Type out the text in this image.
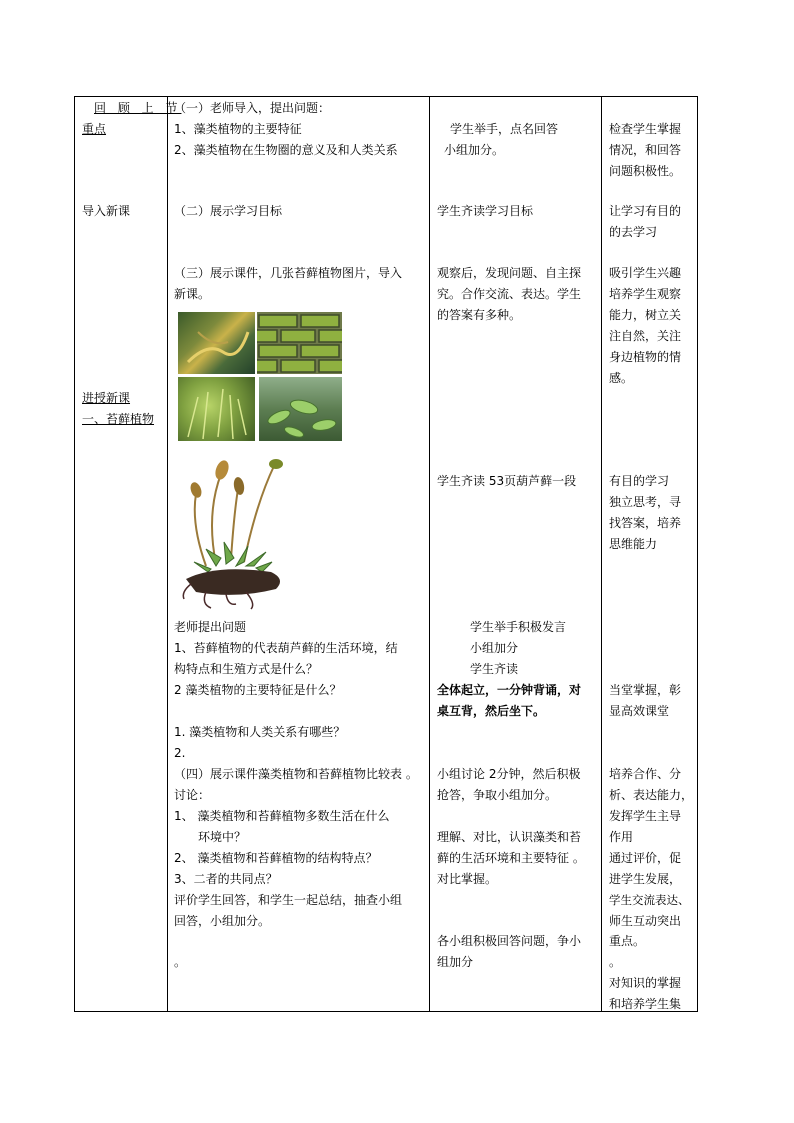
回 顾 上 节
重点
导入新课
进授新课
一、苔藓植物
（一）老师导入，提出问题：
1、藻类植物的主要特征
2、藻类植物在生物圈的意义及和人类关系
（二）展示学习目标
（三）展示课件，几张苔藓植物图片，导入
新课。
老师提出问题
1、苔藓植物的代表葫芦藓的生活环境，结
构特点和生殖方式是什么？
2 藻类植物的主要特征是什么？
1. 藻类植物和人类关系有哪些？
2.
（四）展示课件藻类植物和苔藓植物比较表 。
讨论：
1、 藻类植物和苔藓植物多数生活在什么
环境中？
2、 藻类植物和苔藓植物的结构特点？
3、二者的共同点？
评价学生回答，和学生一起总结，抽查小组
回答，小组加分。
。
学生举手，点名回答
小组加分。
学生齐读学习目标
观察后，发现问题、自主探
究。合作交流、表达。学生
的答案有多种。
学生齐读 53页葫芦藓一段
学生举手积极发言
小组加分
学生齐读
全体起立，一分钟背诵，对
桌互背，然后坐下。
小组讨论 2分钟，然后积极
抢答，争取小组加分。
理解、对比，认识藻类和苔
藓的生活环境和主要特征 。
对比掌握。
各小组积极回答问题，争小
组加分
检查学生掌握
情况，和回答
问题积极性。
让学习有目的
的去学习
吸引学生兴趣
培养学生观察
能力，树立关
注自然，关注
身边植物的情
感。
有目的学习
独立思考，寻
找答案，培养
思维能力
当堂掌握，彰
显高效课堂
培养合作、分
析、表达能力，
发挥学生主导
作用
通过评价，促
进学生发展，
学生交流表达、
师生互动突出
重点。
。
对知识的掌握
和培养学生集
